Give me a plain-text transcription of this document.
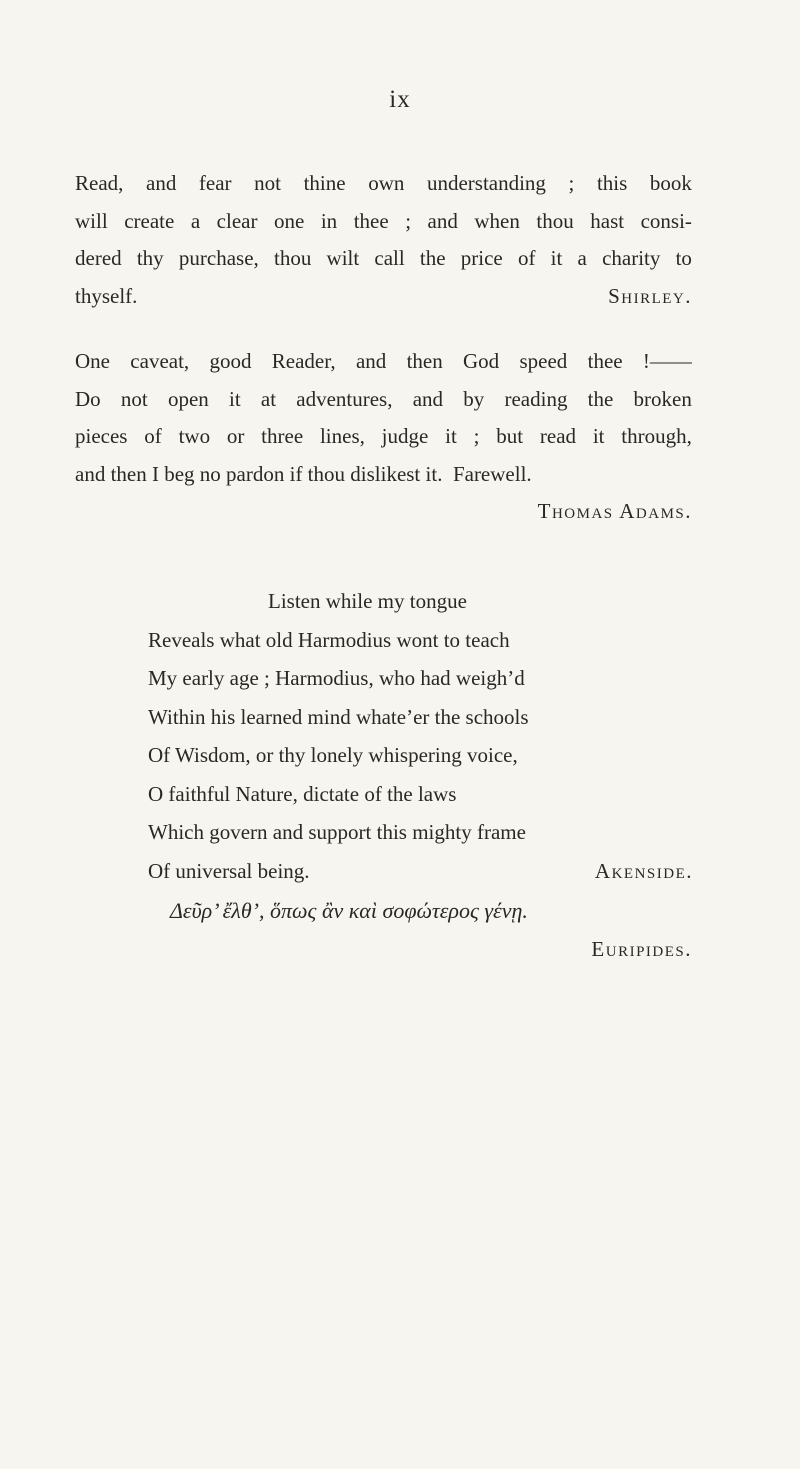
ix
Read, and fear not thine own understanding ; this book
will create a clear one in thee ; and when thou hast consi-
dered thy purchase, thou wilt call the price of it a charity to
thyself.	Shirley.
One caveat, good Reader, and then God speed thee !——
Do not open it at adventures, and by reading the broken
pieces of two or three lines, judge it ; but read it through,
and then I beg no pardon if thou dislikest it.  Farewell.
Thomas Adams.
Listen while my tongue
Reveals what old Harmodius wont to teach
My early age ; Harmodius, who had weigh’d
Within his learned mind whate’er the schools
Of Wisdom, or thy lonely whispering voice,
O faithful Nature, dictate of the laws
Which govern and support this mighty frame
Of universal being.	Akenside.
Δεῦρ’ ἔλθ’, ὅπως ἂν καὶ σοφώτερος γένῃ.
Euripides.
